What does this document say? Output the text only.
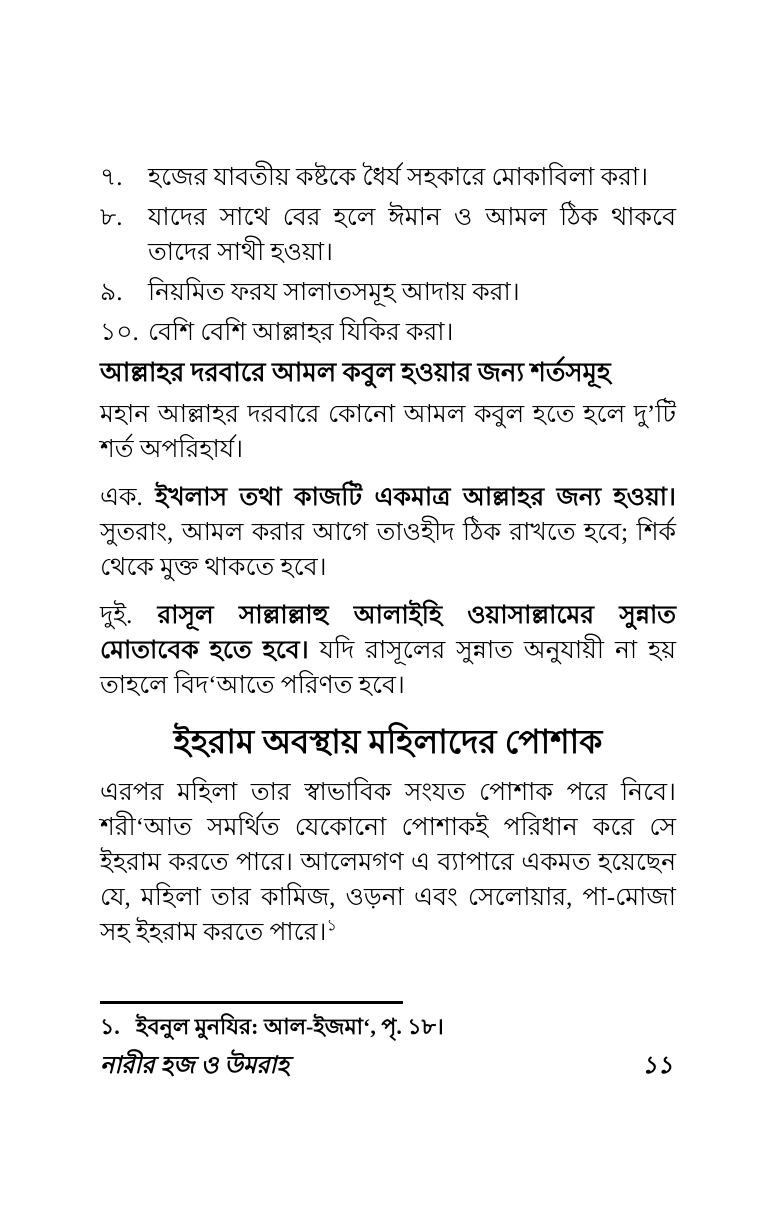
৭.	হজের যাবতীয় কষ্টকে ধৈর্য সহকারে মোকাবিলা করা।
৮.	যাদের সাথে বের হলে ঈমান ও আমল ঠিক থাকবে তাদের সাথী হওয়া।
৯.	নিয়মিত ফরয সালাতসমূহ আদায় করা।
১০. বেশি বেশি আল্লাহর যিকির করা।
আল্লাহর দরবারে আমল কবুল হওয়ার জন্য শর্তসমূহ

মহান আল্লাহর দরবারে কোনো আমল কবুল হতে হলে দু’টি শর্ত অপরিহার্য।

এক. ইখলাস তথা কাজটি একমাত্র আল্লাহর জন্য হওয়া। সুতরাং, আমল করার আগে তাওহীদ ঠিক রাখতে হবে; শির্ক থেকে মুক্ত থাকতে হবে।

দুই. রাসূল সাল্লাল্লাহু আলাইহি ওয়াসাল্লামের সুন্নাত মোতাবেক হতে হবে। যদি রাসূলের সুন্নাত অনুযায়ী না হয় তাহলে বিদ‘আতে পরিণত হবে।

ইহরাম অবস্থায় মহিলাদের পোশাক

এরপর মহিলা তার স্বাভাবিক সংযত পোশাক পরে নিবে। শরী‘আত সমর্থিত যেকোনো পোশাকই পরিধান করে সে ইহরাম করতে পারে। আলেমগণ এ ব্যাপারে একমত হয়েছেন যে, মহিলা তার কামিজ, ওড়না এবং সেলোয়ার, পা-মোজা সহ ইহরাম করতে পারে।$^১$

১. ইবনুল মুনযির: আল-ইজমা‘, পৃ. ১৮।
নারীর হজ ও উমরাহ	১১
